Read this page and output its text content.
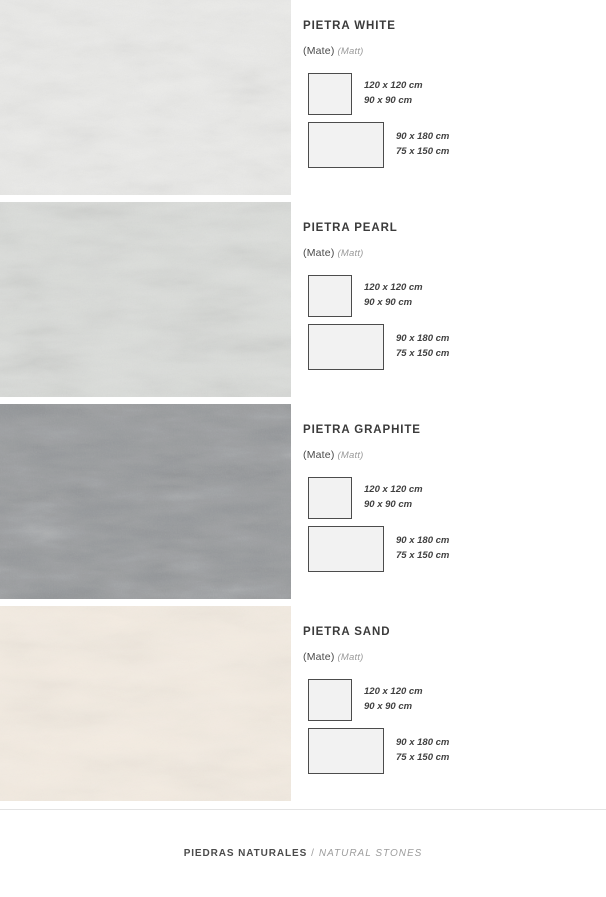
PIETRA WHITE
(Mate) (Matt)
120 x 120 cm
90 x 90 cm
90 x 180 cm
75 x 150 cm
PIETRA PEARL
(Mate) (Matt)
120 x 120 cm
90 x 90 cm
90 x 180 cm
75 x 150 cm
PIETRA GRAPHITE
(Mate) (Matt)
120 x 120 cm
90 x 90 cm
90 x 180 cm
75 x 150 cm
PIETRA SAND
(Mate) (Matt)
120 x 120 cm
90 x 90 cm
90 x 180 cm
75 x 150 cm
PIEDRAS NATURALES / NATURAL STONES
